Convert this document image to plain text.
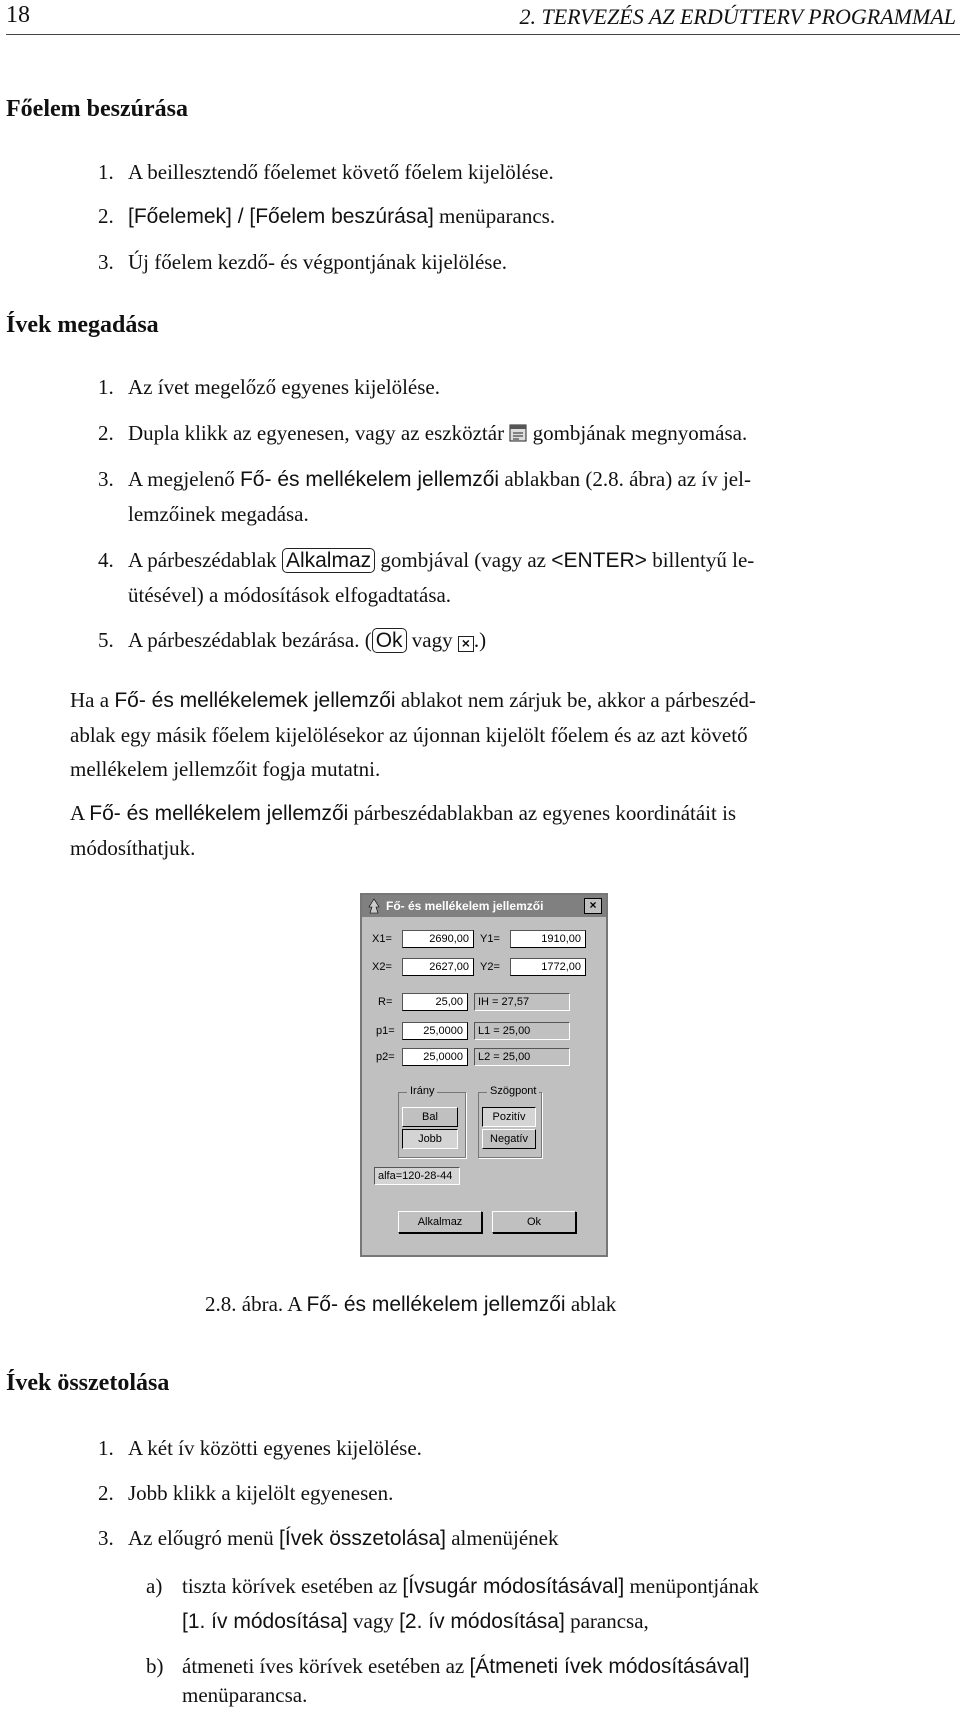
18	2. TERVEZÉS AZ ERDÚTTERV PROGRAMMAL
Főelem beszúrása
1. A beillesztendő főelemet követő főelem kijelölése.
2. [Főelemek] / [Főelem beszúrása] menüparancs.
3. Új főelem kezdő- és végpontjának kijelölése.
Ívek megadása
1. Az ívet megelőző egyenes kijelölése.
2. Dupla klikk az egyenesen, vagy az eszköztár  gombjának megnyomása.
3. A megjelenő Fő- és mellékelem jellemzői ablakban (2.8. ábra) az ív jel-
lemzőinek megadása.
4. A párbeszédablak Alkalmaz gombjával (vagy az <ENTER> billentyű le-
ütésével) a módosítások elfogadtatása.
5. A párbeszédablak bezárása. ( Ok vagy × .)
Ha a Fő- és mellékelemek jellemzői ablakot nem zárjuk be, akkor a párbeszéd-
ablak egy másik főelem kijelölésekor az újonnan kijelölt főelem és az azt követő
mellékelem jellemzőit fogja mutatni.
A Fő- és mellékelem jellemzői párbeszédablakban az egyenes koordinátáit is
módosíthatjuk.
Fő- és mellékelem jellemzői	×
X1=	2690,00	Y1=	1910,00
X2=	2627,00	Y2=	1772,00
R=	25,00	IH = 27,57
p1=	25,0000	L1 = 25,00
p2=	25,0000	L2 = 25,00
Irány
Bal
Jobb
Szögpont
Pozitív
Negatív
alfa=120-28-44
Alkalmaz	Ok
2.8. ábra. A Fő- és mellékelem jellemzői ablak
Ívek összetolása
1. A két ív közötti egyenes kijelölése.
2. Jobb klikk a kijelölt egyenesen.
3. Az előugró menü [Ívek összetolása] almenüjének
a) tiszta körívek esetében az [Ívsugár módosításával] menüpontjának
[1. ív módosítása] vagy [2. ív módosítása] parancsa,
b) átmeneti íves körívek esetében az [Átmeneti ívek módosításával]
menüparancsa.
